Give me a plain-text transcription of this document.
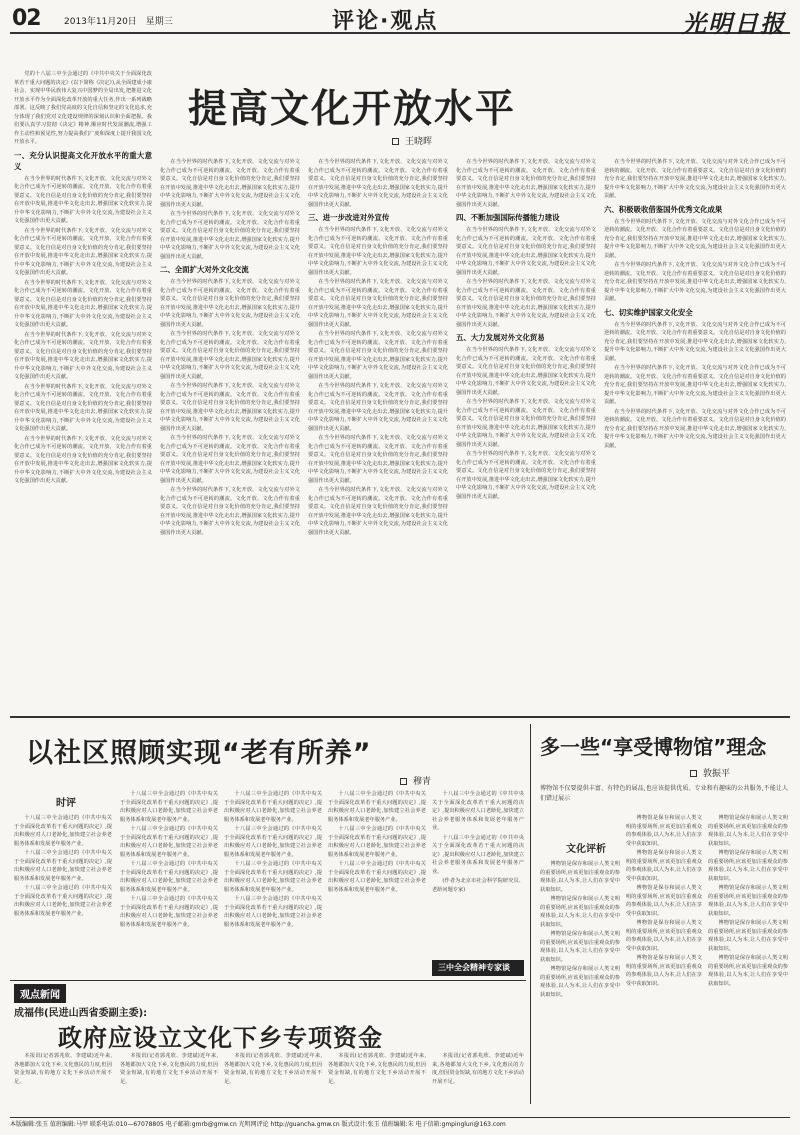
02	2013年11月20日　星期三	评论·观点	光明日报
提高文化开放水平
王晓晖

党的十八届三中全会通过的《中共中央关于全面深化改革若干重大问题的决定》(以下简称《决定》),从全面建成小康社会、实现中华民族伟大复兴中国梦的全局出发,把推进文化开放水平作为全面深化改革开放的重大任务,作出一系列战略部署。这反映了我们党高度的文化自信和坚定的文化追求,充分体现了我们党对文化建设规律的深刻认识和全面把握。我们要认真学习贯彻《决定》精神,顺应时代发展潮流,增强工作主动性和预见性,努力提高我们广度和深度上提升我国文化开放水平。

一、充分认识提高文化开放水平的重大意义

在当今世界的时代条件下,文化开放、文化交流与对外文化合作已成为不可逆转的潮流。文化开放、文化合作有着重要意义。文化自信是对自身文化价值的充分肯定,我们要坚持在开放中发展,推进中华文化走出去,增强国家文化软实力,提升中华文化影响力,不断扩大中外文化交流,为建设社会主义文化强国作出更大贡献。

在当今世界的时代条件下,文化开放、文化交流与对外文化合作已成为不可逆转的潮流。文化开放、文化合作有着重要意义。文化自信是对自身文化价值的充分肯定,我们要坚持在开放中发展,推进中华文化走出去,增强国家文化软实力,提升中华文化影响力,不断扩大中外文化交流,为建设社会主义文化强国作出更大贡献。

在当今世界的时代条件下,文化开放、文化交流与对外文化合作已成为不可逆转的潮流。文化开放、文化合作有着重要意义。文化自信是对自身文化价值的充分肯定,我们要坚持在开放中发展,推进中华文化走出去,增强国家文化软实力,提升中华文化影响力,不断扩大中外文化交流,为建设社会主义文化强国作出更大贡献。

在当今世界的时代条件下,文化开放、文化交流与对外文化合作已成为不可逆转的潮流。文化开放、文化合作有着重要意义。文化自信是对自身文化价值的充分肯定,我们要坚持在开放中发展,推进中华文化走出去,增强国家文化软实力,提升中华文化影响力,不断扩大中外文化交流,为建设社会主义文化强国作出更大贡献。

在当今世界的时代条件下,文化开放、文化交流与对外文化合作已成为不可逆转的潮流。文化开放、文化合作有着重要意义。文化自信是对自身文化价值的充分肯定,我们要坚持在开放中发展,推进中华文化走出去,增强国家文化软实力,提升中华文化影响力,不断扩大中外文化交流,为建设社会主义文化强国作出更大贡献。

在当今世界的时代条件下,文化开放、文化交流与对外文化合作已成为不可逆转的潮流。文化开放、文化合作有着重要意义。文化自信是对自身文化价值的充分肯定,我们要坚持在开放中发展,推进中华文化走出去,增强国家文化软实力,提升中华文化影响力,不断扩大中外文化交流,为建设社会主义文化强国作出更大贡献。

在当今世界的时代条件下,文化开放、文化交流与对外文化合作已成为不可逆转的潮流。文化开放、文化合作有着重要意义。文化自信是对自身文化价值的充分肯定,我们要坚持在开放中发展,推进中华文化走出去,增强国家文化软实力,提升中华文化影响力,不断扩大中外文化交流,为建设社会主义文化强国作出更大贡献。

在当今世界的时代条件下,文化开放、文化交流与对外文化合作已成为不可逆转的潮流。文化开放、文化合作有着重要意义。文化自信是对自身文化价值的充分肯定,我们要坚持在开放中发展,推进中华文化走出去,增强国家文化软实力,提升中华文化影响力,不断扩大中外文化交流,为建设社会主义文化强国作出更大贡献。

二、全面扩大对外文化交流

在当今世界的时代条件下,文化开放、文化交流与对外文化合作已成为不可逆转的潮流。文化开放、文化合作有着重要意义。文化自信是对自身文化价值的充分肯定,我们要坚持在开放中发展,推进中华文化走出去,增强国家文化软实力,提升中华文化影响力,不断扩大中外文化交流,为建设社会主义文化强国作出更大贡献。

在当今世界的时代条件下,文化开放、文化交流与对外文化合作已成为不可逆转的潮流。文化开放、文化合作有着重要意义。文化自信是对自身文化价值的充分肯定,我们要坚持在开放中发展,推进中华文化走出去,增强国家文化软实力,提升中华文化影响力,不断扩大中外文化交流,为建设社会主义文化强国作出更大贡献。

在当今世界的时代条件下,文化开放、文化交流与对外文化合作已成为不可逆转的潮流。文化开放、文化合作有着重要意义。文化自信是对自身文化价值的充分肯定,我们要坚持在开放中发展,推进中华文化走出去,增强国家文化软实力,提升中华文化影响力,不断扩大中外文化交流,为建设社会主义文化强国作出更大贡献。

在当今世界的时代条件下,文化开放、文化交流与对外文化合作已成为不可逆转的潮流。文化开放、文化合作有着重要意义。文化自信是对自身文化价值的充分肯定,我们要坚持在开放中发展,推进中华文化走出去,增强国家文化软实力,提升中华文化影响力,不断扩大中外文化交流,为建设社会主义文化强国作出更大贡献。

在当今世界的时代条件下,文化开放、文化交流与对外文化合作已成为不可逆转的潮流。文化开放、文化合作有着重要意义。文化自信是对自身文化价值的充分肯定,我们要坚持在开放中发展,推进中华文化走出去,增强国家文化软实力,提升中华文化影响力,不断扩大中外文化交流,为建设社会主义文化强国作出更大贡献。

在当今世界的时代条件下,文化开放、文化交流与对外文化合作已成为不可逆转的潮流。文化开放、文化合作有着重要意义。文化自信是对自身文化价值的充分肯定,我们要坚持在开放中发展,推进中华文化走出去,增强国家文化软实力,提升中华文化影响力,不断扩大中外文化交流,为建设社会主义文化强国作出更大贡献。

三、进一步改进对外宣传

在当今世界的时代条件下,文化开放、文化交流与对外文化合作已成为不可逆转的潮流。文化开放、文化合作有着重要意义。文化自信是对自身文化价值的充分肯定,我们要坚持在开放中发展,推进中华文化走出去,增强国家文化软实力,提升中华文化影响力,不断扩大中外文化交流,为建设社会主义文化强国作出更大贡献。

在当今世界的时代条件下,文化开放、文化交流与对外文化合作已成为不可逆转的潮流。文化开放、文化合作有着重要意义。文化自信是对自身文化价值的充分肯定,我们要坚持在开放中发展,推进中华文化走出去,增强国家文化软实力,提升中华文化影响力,不断扩大中外文化交流,为建设社会主义文化强国作出更大贡献。

在当今世界的时代条件下,文化开放、文化交流与对外文化合作已成为不可逆转的潮流。文化开放、文化合作有着重要意义。文化自信是对自身文化价值的充分肯定,我们要坚持在开放中发展,推进中华文化走出去,增强国家文化软实力,提升中华文化影响力,不断扩大中外文化交流,为建设社会主义文化强国作出更大贡献。

在当今世界的时代条件下,文化开放、文化交流与对外文化合作已成为不可逆转的潮流。文化开放、文化合作有着重要意义。文化自信是对自身文化价值的充分肯定,我们要坚持在开放中发展,推进中华文化走出去,增强国家文化软实力,提升中华文化影响力,不断扩大中外文化交流,为建设社会主义文化强国作出更大贡献。

在当今世界的时代条件下,文化开放、文化交流与对外文化合作已成为不可逆转的潮流。文化开放、文化合作有着重要意义。文化自信是对自身文化价值的充分肯定,我们要坚持在开放中发展,推进中华文化走出去,增强国家文化软实力,提升中华文化影响力,不断扩大中外文化交流,为建设社会主义文化强国作出更大贡献。

在当今世界的时代条件下,文化开放、文化交流与对外文化合作已成为不可逆转的潮流。文化开放、文化合作有着重要意义。文化自信是对自身文化价值的充分肯定,我们要坚持在开放中发展,推进中华文化走出去,增强国家文化软实力,提升中华文化影响力,不断扩大中外文化交流,为建设社会主义文化强国作出更大贡献。

在当今世界的时代条件下,文化开放、文化交流与对外文化合作已成为不可逆转的潮流。文化开放、文化合作有着重要意义。文化自信是对自身文化价值的充分肯定,我们要坚持在开放中发展,推进中华文化走出去,增强国家文化软实力,提升中华文化影响力,不断扩大中外文化交流,为建设社会主义文化强国作出更大贡献。

四、不断加强国际传播能力建设

在当今世界的时代条件下,文化开放、文化交流与对外文化合作已成为不可逆转的潮流。文化开放、文化合作有着重要意义。文化自信是对自身文化价值的充分肯定,我们要坚持在开放中发展,推进中华文化走出去,增强国家文化软实力,提升中华文化影响力,不断扩大中外文化交流,为建设社会主义文化强国作出更大贡献。

在当今世界的时代条件下,文化开放、文化交流与对外文化合作已成为不可逆转的潮流。文化开放、文化合作有着重要意义。文化自信是对自身文化价值的充分肯定,我们要坚持在开放中发展,推进中华文化走出去,增强国家文化软实力,提升中华文化影响力,不断扩大中外文化交流,为建设社会主义文化强国作出更大贡献。

五、大力发展对外文化贸易

在当今世界的时代条件下,文化开放、文化交流与对外文化合作已成为不可逆转的潮流。文化开放、文化合作有着重要意义。文化自信是对自身文化价值的充分肯定,我们要坚持在开放中发展,推进中华文化走出去,增强国家文化软实力,提升中华文化影响力,不断扩大中外文化交流,为建设社会主义文化强国作出更大贡献。

在当今世界的时代条件下,文化开放、文化交流与对外文化合作已成为不可逆转的潮流。文化开放、文化合作有着重要意义。文化自信是对自身文化价值的充分肯定,我们要坚持在开放中发展,推进中华文化走出去,增强国家文化软实力,提升中华文化影响力,不断扩大中外文化交流,为建设社会主义文化强国作出更大贡献。

在当今世界的时代条件下,文化开放、文化交流与对外文化合作已成为不可逆转的潮流。文化开放、文化合作有着重要意义。文化自信是对自身文化价值的充分肯定,我们要坚持在开放中发展,推进中华文化走出去,增强国家文化软实力,提升中华文化影响力,不断扩大中外文化交流,为建设社会主义文化强国作出更大贡献。

在当今世界的时代条件下,文化开放、文化交流与对外文化合作已成为不可逆转的潮流。文化开放、文化合作有着重要意义。文化自信是对自身文化价值的充分肯定,我们要坚持在开放中发展,推进中华文化走出去,增强国家文化软实力,提升中华文化影响力,不断扩大中外文化交流,为建设社会主义文化强国作出更大贡献。

六、积极吸收借鉴国外优秀文化成果

在当今世界的时代条件下,文化开放、文化交流与对外文化合作已成为不可逆转的潮流。文化开放、文化合作有着重要意义。文化自信是对自身文化价值的充分肯定,我们要坚持在开放中发展,推进中华文化走出去,增强国家文化软实力,提升中华文化影响力,不断扩大中外文化交流,为建设社会主义文化强国作出更大贡献。

在当今世界的时代条件下,文化开放、文化交流与对外文化合作已成为不可逆转的潮流。文化开放、文化合作有着重要意义。文化自信是对自身文化价值的充分肯定,我们要坚持在开放中发展,推进中华文化走出去,增强国家文化软实力,提升中华文化影响力,不断扩大中外文化交流,为建设社会主义文化强国作出更大贡献。

七、切实维护国家文化安全

在当今世界的时代条件下,文化开放、文化交流与对外文化合作已成为不可逆转的潮流。文化开放、文化合作有着重要意义。文化自信是对自身文化价值的充分肯定,我们要坚持在开放中发展,推进中华文化走出去,增强国家文化软实力,提升中华文化影响力,不断扩大中外文化交流,为建设社会主义文化强国作出更大贡献。

在当今世界的时代条件下,文化开放、文化交流与对外文化合作已成为不可逆转的潮流。文化开放、文化合作有着重要意义。文化自信是对自身文化价值的充分肯定,我们要坚持在开放中发展,推进中华文化走出去,增强国家文化软实力,提升中华文化影响力,不断扩大中外文化交流,为建设社会主义文化强国作出更大贡献。

在当今世界的时代条件下,文化开放、文化交流与对外文化合作已成为不可逆转的潮流。文化开放、文化合作有着重要意义。文化自信是对自身文化价值的充分肯定,我们要坚持在开放中发展,推进中华文化走出去,增强国家文化软实力,提升中华文化影响力,不断扩大中外文化交流,为建设社会主义文化强国作出更大贡献。

以社区照顾实现“老有所养”
穆青
时评

十八届三中全会通过的《中共中央关于全面深化改革若干重大问题的决定》,提出积极应对人口老龄化,加快建立社会养老服务体系和发展老年服务产业。

十八届三中全会通过的《中共中央关于全面深化改革若干重大问题的决定》,提出积极应对人口老龄化,加快建立社会养老服务体系和发展老年服务产业。

十八届三中全会通过的《中共中央关于全面深化改革若干重大问题的决定》,提出积极应对人口老龄化,加快建立社会养老服务体系和发展老年服务产业。

十八届三中全会通过的《中共中央关于全面深化改革若干重大问题的决定》,提出积极应对人口老龄化,加快建立社会养老服务体系和发展老年服务产业。

十八届三中全会通过的《中共中央关于全面深化改革若干重大问题的决定》,提出积极应对人口老龄化,加快建立社会养老服务体系和发展老年服务产业。

十八届三中全会通过的《中共中央关于全面深化改革若干重大问题的决定》,提出积极应对人口老龄化,加快建立社会养老服务体系和发展老年服务产业。

十八届三中全会通过的《中共中央关于全面深化改革若干重大问题的决定》,提出积极应对人口老龄化,加快建立社会养老服务体系和发展老年服务产业。

十八届三中全会通过的《中共中央关于全面深化改革若干重大问题的决定》,提出积极应对人口老龄化,加快建立社会养老服务体系和发展老年服务产业。

十八届三中全会通过的《中共中央关于全面深化改革若干重大问题的决定》,提出积极应对人口老龄化,加快建立社会养老服务体系和发展老年服务产业。

十八届三中全会通过的《中共中央关于全面深化改革若干重大问题的决定》,提出积极应对人口老龄化,加快建立社会养老服务体系和发展老年服务产业。

十八届三中全会通过的《中共中央关于全面深化改革若干重大问题的决定》,提出积极应对人口老龄化,加快建立社会养老服务体系和发展老年服务产业。

十八届三中全会通过的《中共中央关于全面深化改革若干重大问题的决定》,提出积极应对人口老龄化,加快建立社会养老服务体系和发展老年服务产业。

十八届三中全会通过的《中共中央关于全面深化改革若干重大问题的决定》,提出积极应对人口老龄化,加快建立社会养老服务体系和发展老年服务产业。

十八届三中全会通过的《中共中央关于全面深化改革若干重大问题的决定》,提出积极应对人口老龄化,加快建立社会养老服务体系和发展老年服务产业。

十八届三中全会通过的《中共中央关于全面深化改革若干重大问题的决定》,提出积极应对人口老龄化,加快建立社会养老服务体系和发展老年服务产业。

十八届三中全会通过的《中共中央关于全面深化改革若干重大问题的决定》,提出积极应对人口老龄化,加快建立社会养老服务体系和发展老年服务产业。

(作者为北京市社会科学院研究员、老龄问题专家)

三中全会精神专家谈
多一些“享受博物馆”理念
敦振平
博物馆不仅要提供丰富、有特色的展品,也应该提供优质、专业和有趣味的公共服务,不能让人们错过展示
文化评析

博物馆是保存和展示人类文明的重要场所,应该更加注重观众的参观体验,以人为本,让人们在享受中获取知识。

博物馆是保存和展示人类文明的重要场所,应该更加注重观众的参观体验,以人为本,让人们在享受中获取知识。

博物馆是保存和展示人类文明的重要场所,应该更加注重观众的参观体验,以人为本,让人们在享受中获取知识。

博物馆是保存和展示人类文明的重要场所,应该更加注重观众的参观体验,以人为本,让人们在享受中获取知识。

博物馆是保存和展示人类文明的重要场所,应该更加注重观众的参观体验,以人为本,让人们在享受中获取知识。

博物馆是保存和展示人类文明的重要场所,应该更加注重观众的参观体验,以人为本,让人们在享受中获取知识。

博物馆是保存和展示人类文明的重要场所,应该更加注重观众的参观体验,以人为本,让人们在享受中获取知识。

博物馆是保存和展示人类文明的重要场所,应该更加注重观众的参观体验,以人为本,让人们在享受中获取知识。

博物馆是保存和展示人类文明的重要场所,应该更加注重观众的参观体验,以人为本,让人们在享受中获取知识。

博物馆是保存和展示人类文明的重要场所,应该更加注重观众的参观体验,以人为本,让人们在享受中获取知识。

博物馆是保存和展示人类文明的重要场所,应该更加注重观众的参观体验,以人为本,让人们在享受中获取知识。

博物馆是保存和展示人类文明的重要场所,应该更加注重观众的参观体验,以人为本,让人们在享受中获取知识。

博物馆是保存和展示人类文明的重要场所,应该更加注重观众的参观体验,以人为本,让人们在享受中获取知识。

博物馆是保存和展示人类文明的重要场所,应该更加注重观众的参观体验,以人为本,让人们在享受中获取知识。

观点新闻
成福伟(民进山西省委副主委):
政府应设立文化下乡专项资金

本报讯(记者郭兆欣、李建斌)近年来,各地都加大文化下乡,文化惠民的力度,但因资金短缺,有的地方文化下乡活动开展不足。

本报讯(记者郭兆欣、李建斌)近年来,各地都加大文化下乡,文化惠民的力度,但因资金短缺,有的地方文化下乡活动开展不足。

本报讯(记者郭兆欣、李建斌)近年来,各地都加大文化下乡,文化惠民的力度,但因资金短缺,有的地方文化下乡活动开展不足。

本报讯(记者郭兆欣、李建斌)近年来,各地都加大文化下乡,文化惠民的力度,但因资金短缺,有的地方文化下乡活动开展不足。

本报讯(记者郭兆欣、李建斌)近年来,各地都加大文化下乡,文化惠民的力度,但因资金短缺,有的地方文化下乡活动开展不足。

本版编辑:张玉 值班编辑:马甲 联系电话:010—67078805 电子邮箱:gmrb@gmw.cn 光明网评论 http://guancha.gmw.cn 版式设计:张玉 值班编辑:朱 电子信箱:gmpinglun@163.com
